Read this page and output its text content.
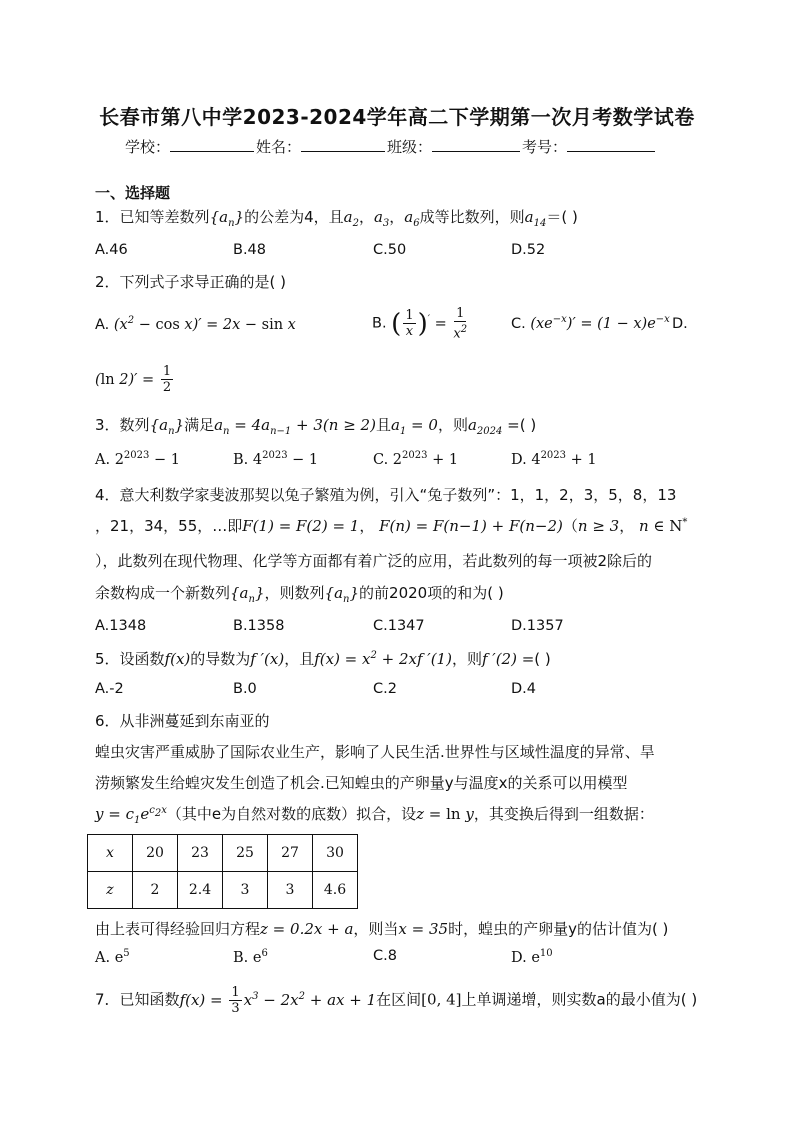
长春市第八中学2023-2024学年高二下学期第一次月考数学试卷
学校：	姓名：	班级：	考号：
一、选择题
1．已知等差数列$\{a_n\}$的公差为4，且$a_2$，$a_3$，$a_6$成等比数列，则$a_{14}=$( )
A.46	B.48	C.50	D.52
2．下列式子求导正确的是( )
A. $(x^2 - \cos x)' = 2x - \sin x$	B. ( $\frac{1}{x} )' = \frac{1}{x^2}$	C. $(xe^{-x})' = (1 - x)e^{-x}$ D.
(ln $2)' = \frac{1}{2}$
3．数列$\{a_n\}$满足$a_n = 4a_{n-1} + 3(n \ge 2)$且$a_1 = 0$，则$a_{2024}$ =( )
A. $2^{2023} - 1$	B. $4^{2023} - 1$	C. $2^{2023} + 1$	D. $4^{2023} + 1$
4．意大利数学家斐波那契以兔子繁殖为例，引入“兔子数列”：1，1，2，3，5，8，13
，21，34，55，…即F(1) = F(2) = 1， F(n) = F(n−1) + F(n−2)（n ≥ 3， n ∈ N*
），此数列在现代物理、化学等方面都有着广泛的应用，若此数列的每一项被2除后的
余数构成一个新数列$\{a_n\}$，则数列$\{a_n\}$的前2020项的和为( )
A.1348	B.1358	C.1347	D.1357
5．设函数f(x)的导数为f ′(x)，且$f(x) = x^2 + 2xf$ ′(1)，则f ′(2) =( )
A.-2	B.0	C.2	D.4
6．从非洲蔓延到东南亚的
蝗虫灾害严重威胁了国际农业生产，影响了人民生活.世界性与区域性温度的异常、旱
涝频繁发生给蝗灾发生创造了机会.已知蝗虫的产卵量y与温度x的关系可以用模型
$y = c_1e^{c_2x}$（其中e为自然对数的底数）拟合，设z = ln y，其变换后得到一组数据：
x	20	23	25	27	30
z	2	2.4	3	3	4.6
由上表可得经验回归方程z = 0.2x + a，则当x = 35时，蝗虫的产卵量y的估计值为( )
A. $e^5$	B. $e^6$	C.8	D. $e^{10}$
7．已知函数$f(x) = \frac{1}{3} x^3 - 2x^2$ + ax + 1在区间[0, 4]上单调递增，则实数a的最小值为( )
